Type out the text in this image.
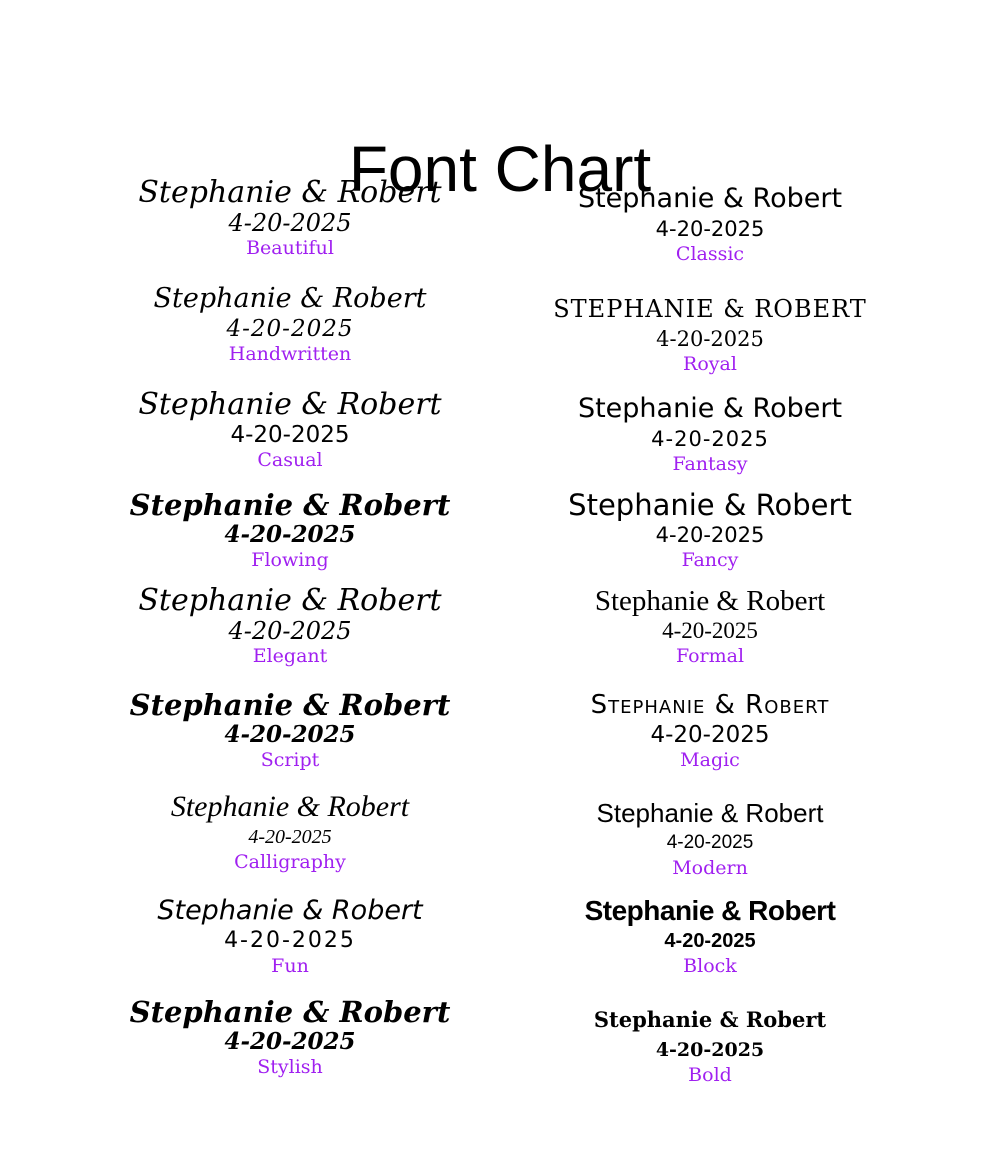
Font Chart
Stephanie & Robert
4-20-2025
Beautiful
Stephanie & Robert
4-20-2025
Handwritten
Stephanie & Robert
4-20-2025
Casual
Stephanie & Robert
4-20-2025
Flowing
Stephanie & Robert
4-20-2025
Elegant
Stephanie & Robert
4-20-2025
Script
Stephanie & Robert
4-20-2025
Calligraphy
Stephanie & Robert
4-20-2025
Fun
Stephanie & Robert
4-20-2025
Stylish
Stephanie & Robert
4-20-2025
Classic
STEPHANIE & ROBERT
4-20-2025
Royal
Stephanie & Robert
4-20-2025
Fantasy
Stephanie & Robert
4-20-2025
Fancy
Stephanie & Robert
4-20-2025
Formal
Stephanie & Robert
4-20-2025
Magic
Stephanie & Robert
4-20-2025
Modern
Stephanie & Robert
4-20-2025
Block
Stephanie & Robert
4-20-2025
Bold
